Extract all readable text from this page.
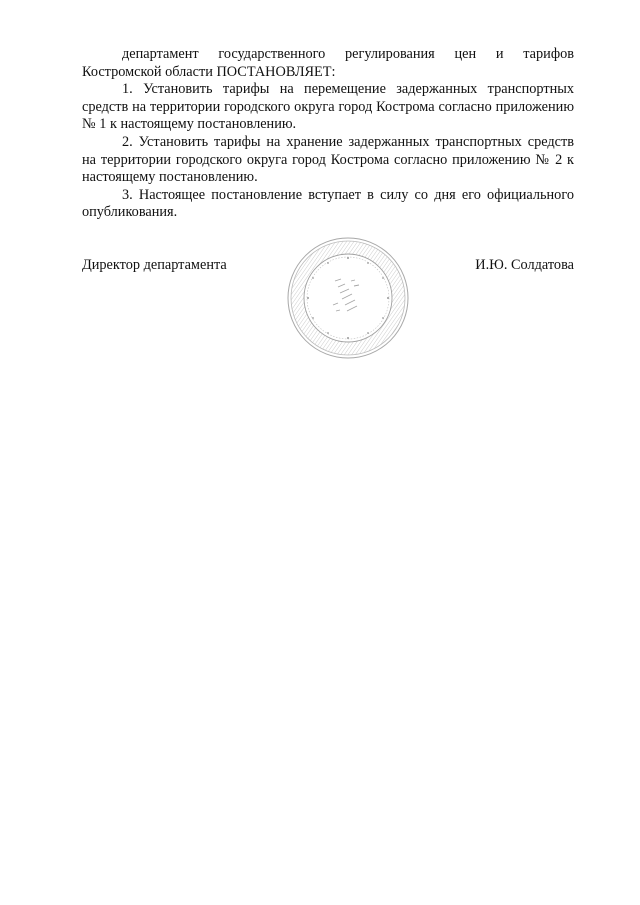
департамент государственного регулирования цен и тарифов Костромской области ПОСТАНОВЛЯЕТ:

1. Установить тарифы на перемещение задержанных транспортных средств на территории городского округа город Кострома согласно приложению № 1 к настоящему постановлению.

2. Установить тарифы на хранение задержанных транспортных средств на территории городского округа город Кострома согласно приложению № 2 к настоящему постановлению.

3. Настоящее постановление вступает в силу со дня его официального опубликования.

Директор департамента	И.Ю. Солдатова
